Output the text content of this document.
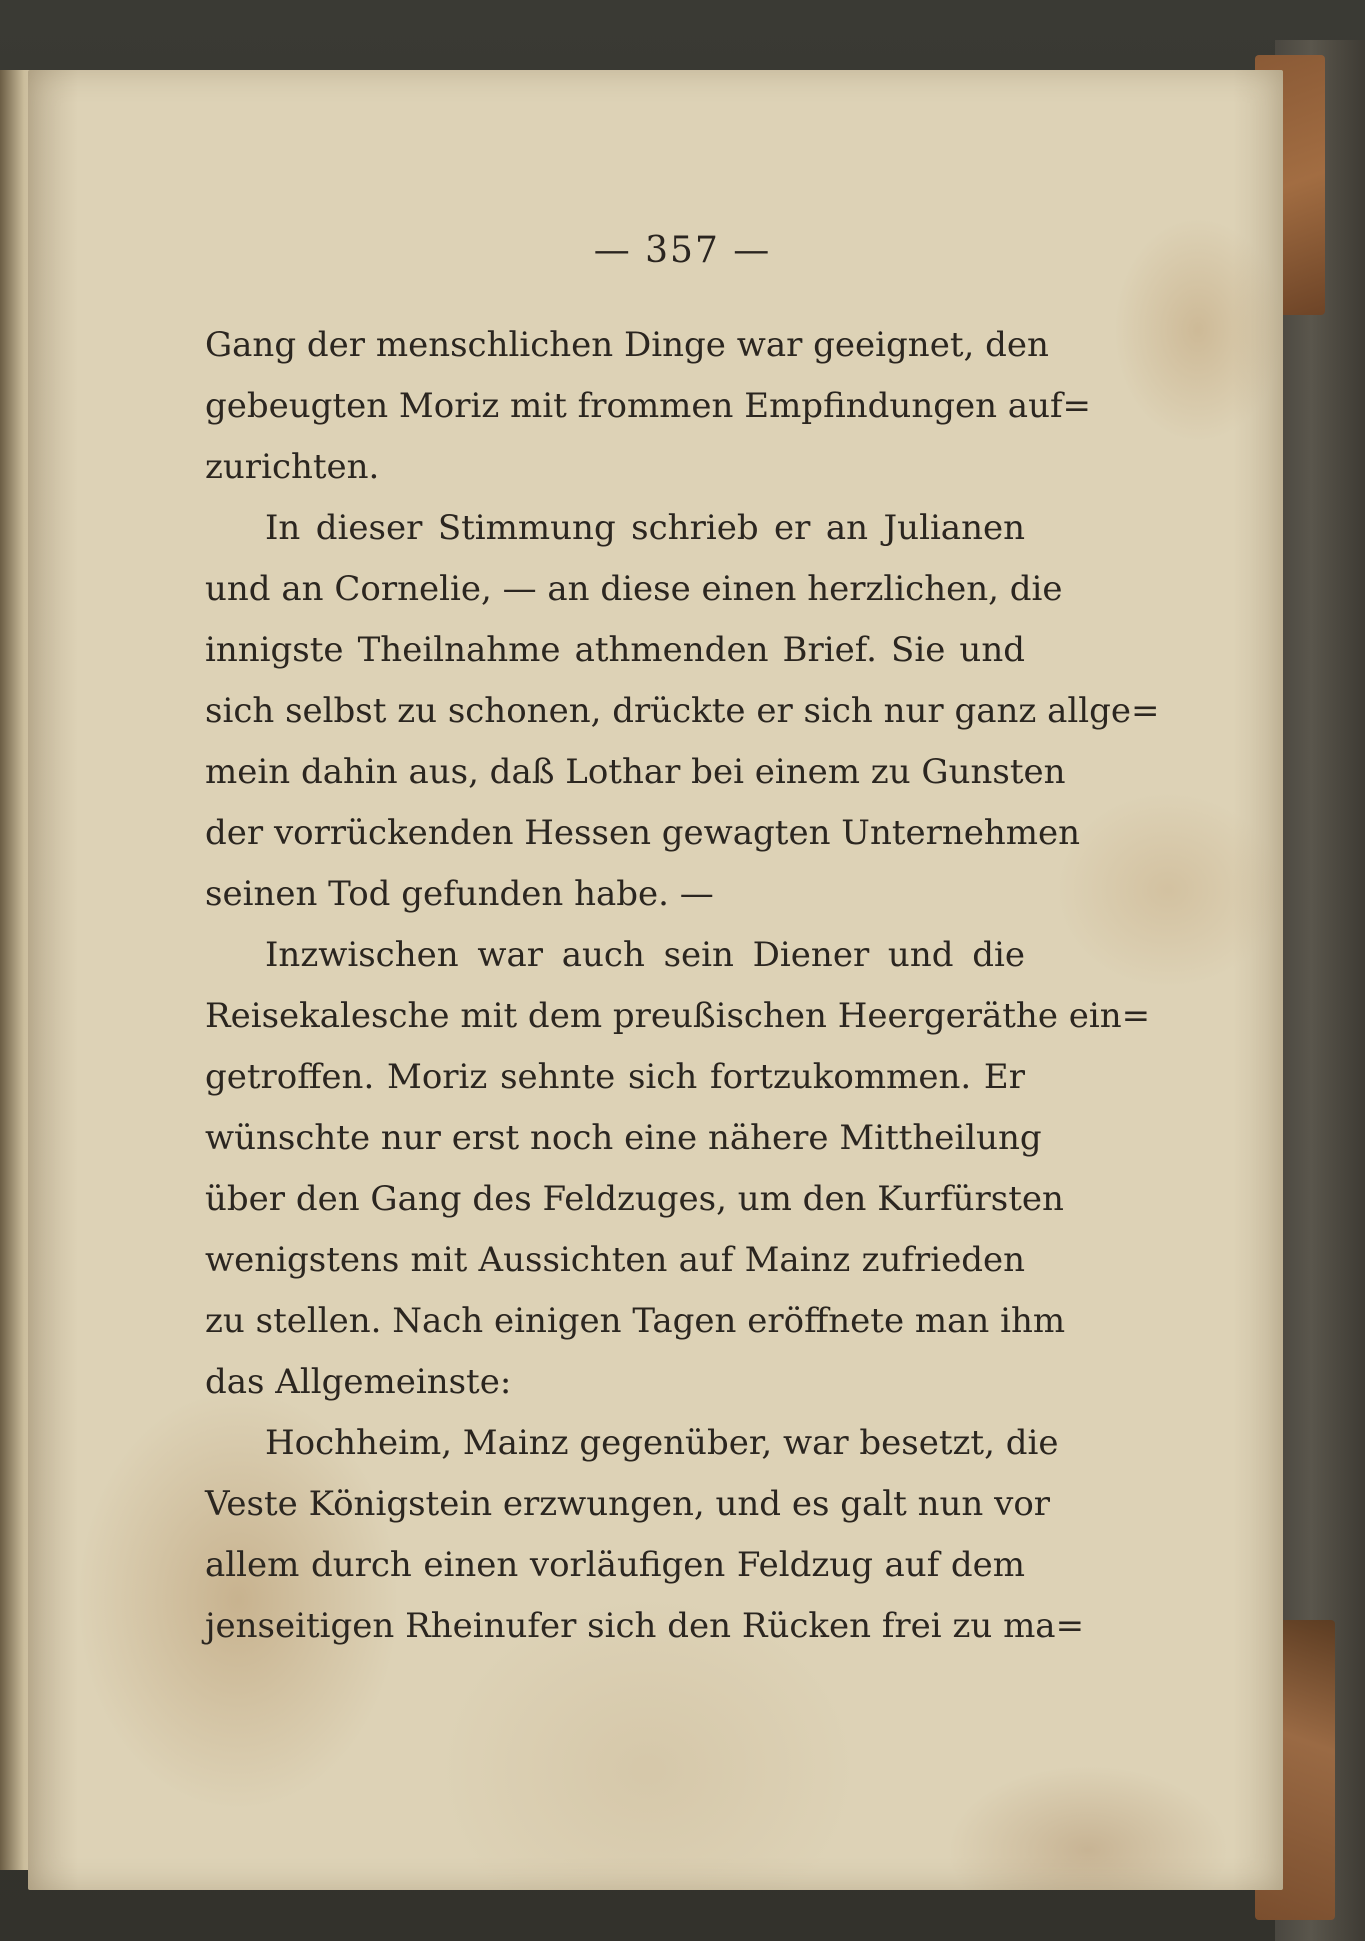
— 357 —
Gang der menschlichen Dinge war geeignet, den
gebeugten Moriz mit frommen Empfindungen auf=
zurichten.
In dieser Stimmung schrieb er an Julianen
und an Cornelie, — an diese einen herzlichen, die
innigste Theilnahme athmenden Brief. Sie und
sich selbst zu schonen, drückte er sich nur ganz allge=
mein dahin aus, daß Lothar bei einem zu Gunsten
der vorrückenden Hessen gewagten Unternehmen
seinen Tod gefunden habe. —
Inzwischen war auch sein Diener und die
Reisekalesche mit dem preußischen Heergeräthe ein=
getroffen. Moriz sehnte sich fortzukommen. Er
wünschte nur erst noch eine nähere Mittheilung
über den Gang des Feldzuges, um den Kurfürsten
wenigstens mit Aussichten auf Mainz zufrieden
zu stellen. Nach einigen Tagen eröffnete man ihm
das Allgemeinste:
Hochheim, Mainz gegenüber, war besetzt, die
Veste Königstein erzwungen, und es galt nun vor
allem durch einen vorläufigen Feldzug auf dem
jenseitigen Rheinufer sich den Rücken frei zu ma=
